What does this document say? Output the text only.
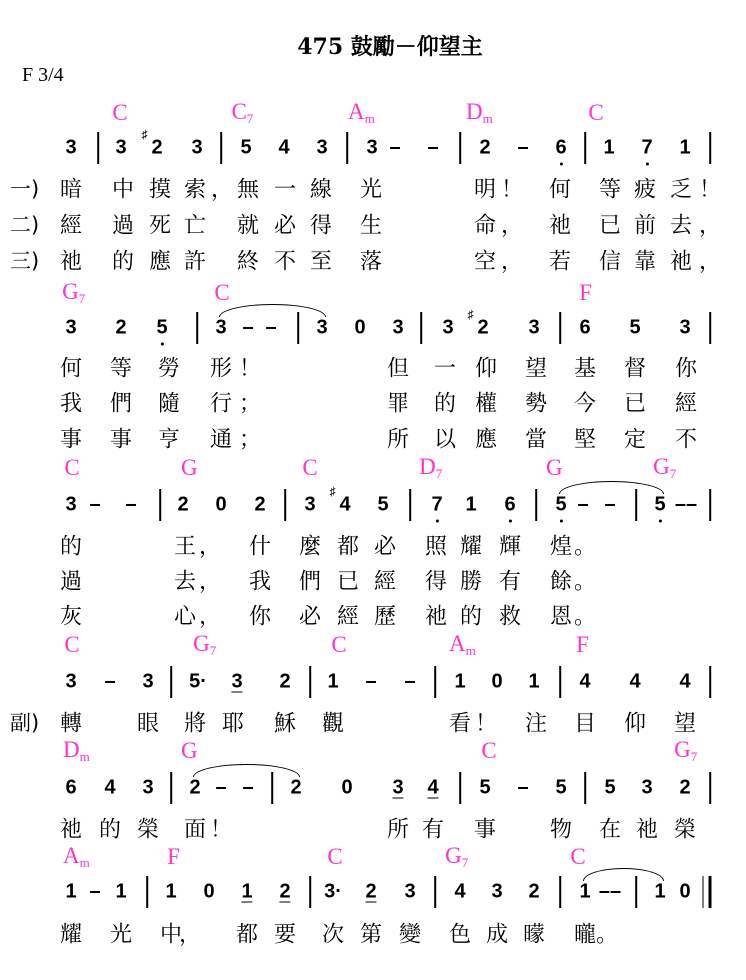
475 鼓勵－仰望主
F 3/4
C	$C_7$	$A_m$	$D_m$	C
3 3
♯
2 3 5 4 3 3 – – 2 – 6 1 7 1
一) 暗 中 摸 索 ， 無 一 線 光	明 ！ 何 等 疲 乏 ！
二) 經 過 死 亡 就 必 得 生	命 ， 祂 已 前 去 ，
三) 祂 的 應 許 終 不 至 落	空 ， 若 信 靠 祂 ，
$G_7$	C	F
3 2 5 3 – – 3 0 3 3
♯
2 3 6 5 3
何 等 勞 形 ！	但 一 仰 望 基 督 你
我 們 隨 行 ；	罪 的 權 勢 今 已 經
事 事 亨 通 ；	所 以 應 當 堅 定 不
C	G	C	$D_7$	G	$G_7$
3 – – 2 0 2 3
♯
4 5 7 1 6 5 – – 5 ––
的	王 ， 什 麼 都 必 照 耀 輝 煌 。
過	去 ， 我 們 已 經 得 勝 有 餘 。
灰	心 ， 你 必 經 歷 祂 的 救 恩 。
C	$G_7$	C	$A_m$	F
3 – 3 5· 3 2 1 – – 1 0 1 4 4 4
副) 轉 眼 將 耶 穌 觀	看 ！ 注 目 仰 望
$D_m$	G	C	$G_7$
6 4 3 2 – – 2 0 3 4 5 – 5 5 3 2
祂 的 榮 面 ！	所 有 事 物 在 祂 榮
$A_m$	F	C	$G_7$	C
1 – 1 1 0 1 2 3· 2 3 4 3 2 1 –– 1 0
耀 光 中
， 都 要 次 第 變 色 成 曚 曨 。
